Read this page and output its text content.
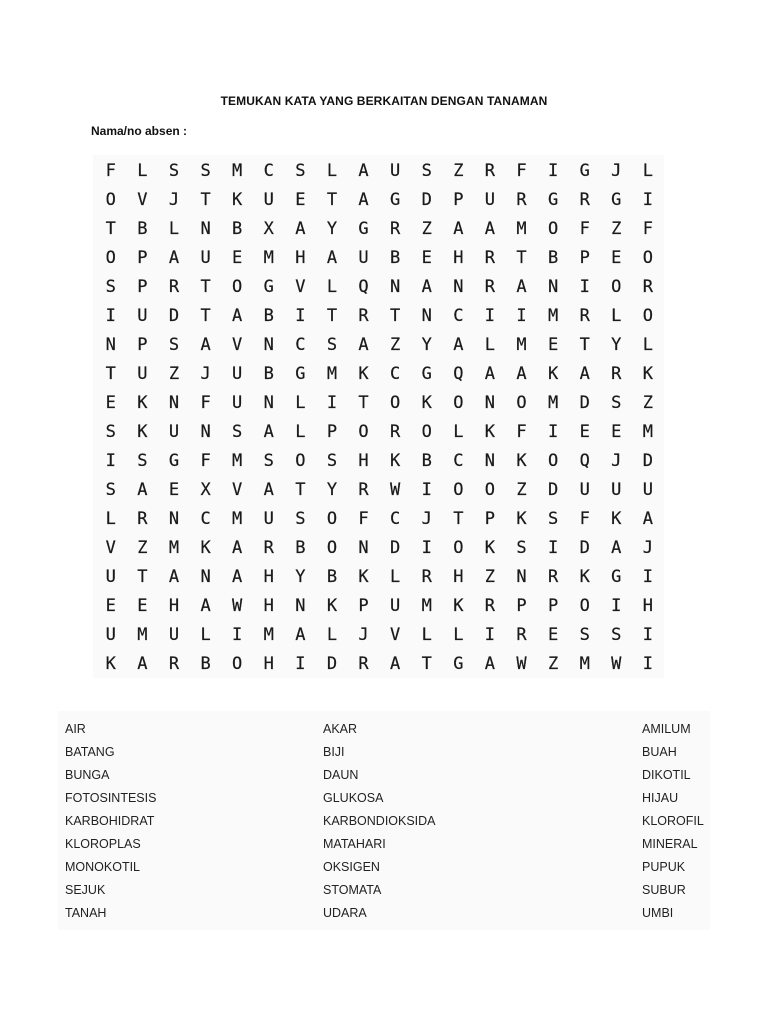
TEMUKAN KATA YANG BERKAITAN DENGAN TANAMAN
Nama/no absen :
F	L	S	S	M	C	S	L	A	U	S	Z	R	F	I	G	J	L
O	V	J	T	K	U	E	T	A	G	D	P	U	R	G	R	G	I
T	B	L	N	B	X	A	Y	G	R	Z	A	A	M	O	F	Z	F
O	P	A	U	E	M	H	A	U	B	E	H	R	T	B	P	E	O
S	P	R	T	O	G	V	L	Q	N	A	N	R	A	N	I	O	R
I	U	D	T	A	B	I	T	R	T	N	C	I	I	M	R	L	O
N	P	S	A	V	N	C	S	A	Z	Y	A	L	M	E	T	Y	L
T	U	Z	J	U	B	G	M	K	C	G	Q	A	A	K	A	R	K
E	K	N	F	U	N	L	I	T	O	K	O	N	O	M	D	S	Z
S	K	U	N	S	A	L	P	O	R	O	L	K	F	I	E	E	M
I	S	G	F	M	S	O	S	H	K	B	C	N	K	O	Q	J	D
S	A	E	X	V	A	T	Y	R	W	I	O	O	Z	D	U	U	U
L	R	N	C	M	U	S	O	F	C	J	T	P	K	S	F	K	A
V	Z	M	K	A	R	B	O	N	D	I	O	K	S	I	D	A	J
U	T	A	N	A	H	Y	B	K	L	R	H	Z	N	R	K	G	I
E	E	H	A	W	H	N	K	P	U	M	K	R	P	P	O	I	H
U	M	U	L	I	M	A	L	J	V	L	L	I	R	E	S	S	I
K	A	R	B	O	H	I	D	R	A	T	G	A	W	Z	M	W	I
AIR
BATANG
BUNGA
FOTOSINTESIS
KARBOHIDRAT
KLOROPLAS
MONOKOTIL
SEJUK
TANAH
AKAR
BIJI
DAUN
GLUKOSA
KARBONDIOKSIDA
MATAHARI
OKSIGEN
STOMATA
UDARA
AMILUM
BUAH
DIKOTIL
HIJAU
KLOROFIL
MINERAL
PUPUK
SUBUR
UMBI
